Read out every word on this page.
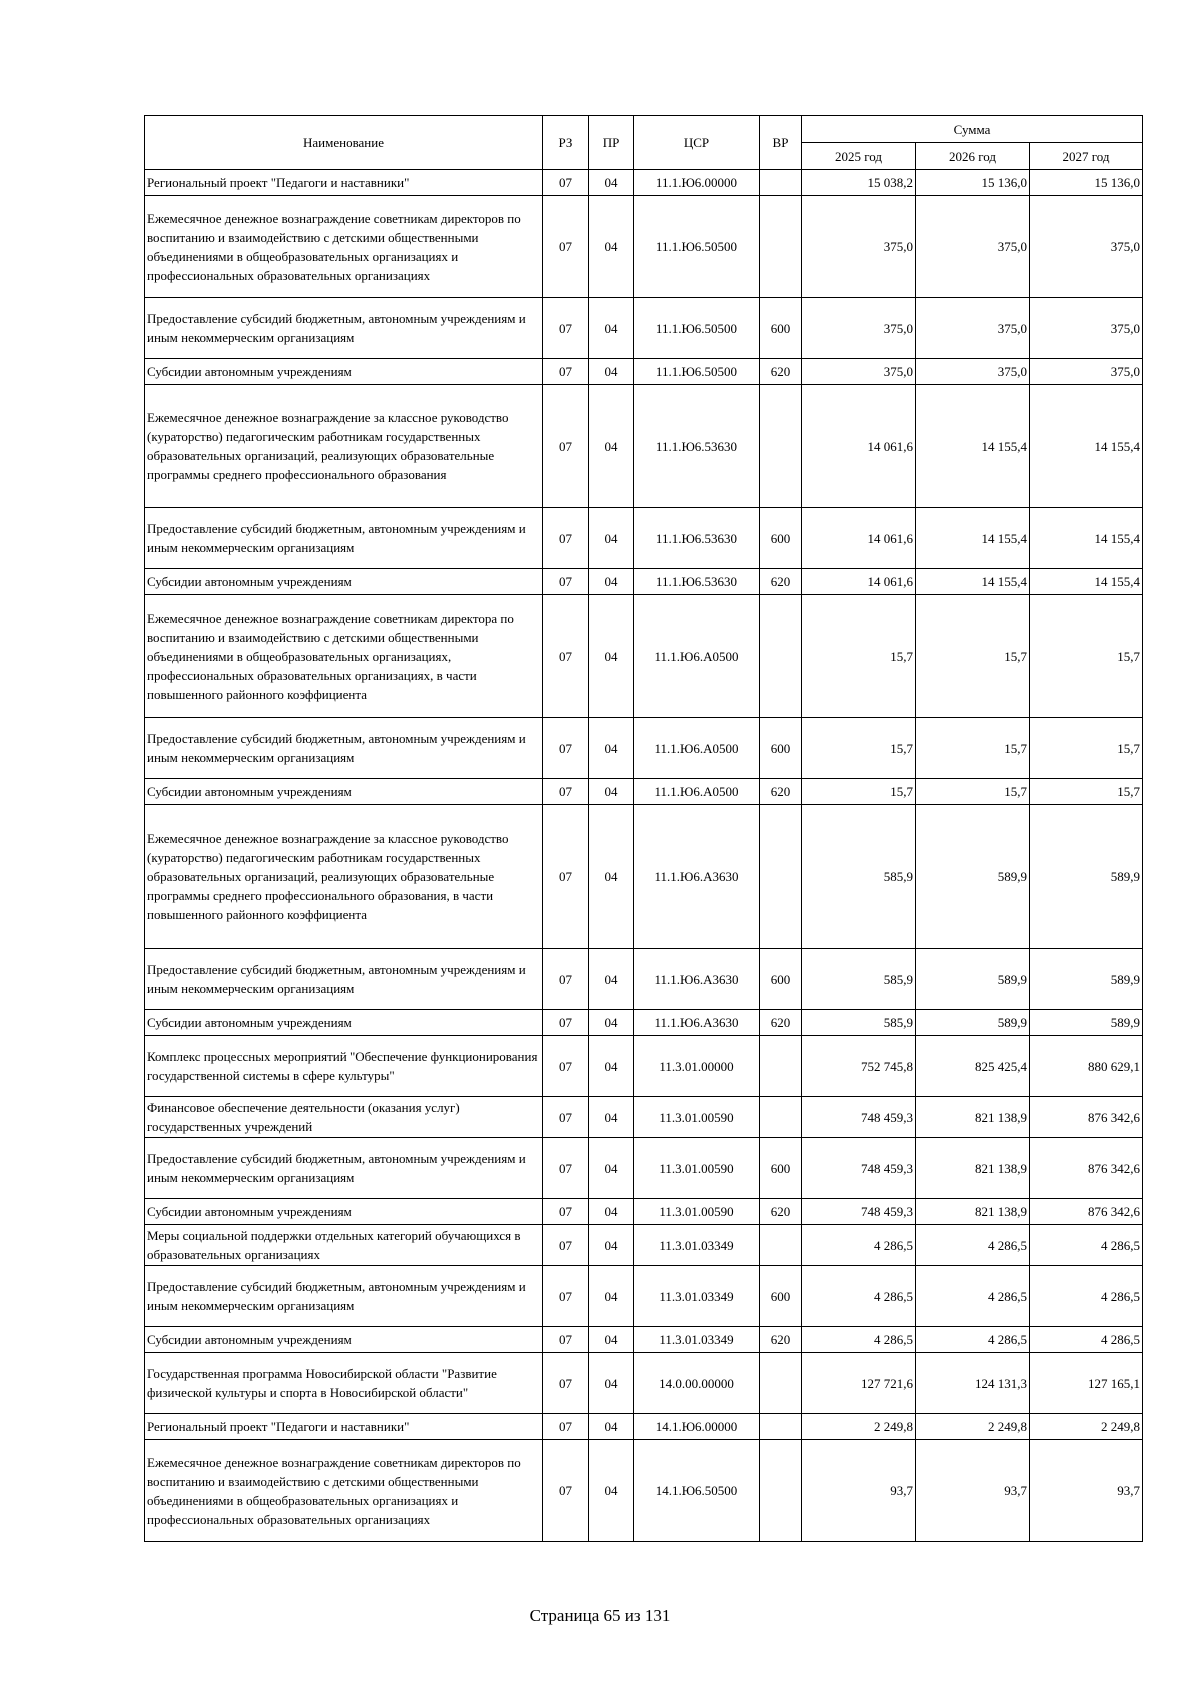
Наименование	РЗ	ПР	ЦСР	ВР	Сумма		
					2025 год	2026 год	2027 год
Региональный проект "Педагоги и наставники"	07	04	11.1.Ю6.00000		15 038,2	15 136,0	15 136,0
Ежемесячное денежное вознаграждение советникам директоров по воспитанию и взаимодействию с детскими общественными объединениями в общеобразовательных организациях и профессиональных образовательных организациях	07	04	11.1.Ю6.50500		375,0	375,0	375,0
Предоставление субсидий бюджетным, автономным учреждениям и иным некоммерческим организациям	07	04	11.1.Ю6.50500	600	375,0	375,0	375,0
Субсидии автономным учреждениям	07	04	11.1.Ю6.50500	620	375,0	375,0	375,0
Ежемесячное денежное вознаграждение за классное руководство (кураторство) педагогическим работникам государственных образовательных организаций, реализующих образовательные программы среднего профессионального образования	07	04	11.1.Ю6.53630		14 061,6	14 155,4	14 155,4
Предоставление субсидий бюджетным, автономным учреждениям и иным некоммерческим организациям	07	04	11.1.Ю6.53630	600	14 061,6	14 155,4	14 155,4
Субсидии автономным учреждениям	07	04	11.1.Ю6.53630	620	14 061,6	14 155,4	14 155,4
Ежемесячное денежное вознаграждение советникам директора по воспитанию и взаимодействию с детскими общественными объединениями в общеобразовательных организациях, профессиональных образовательных организациях, в части повышенного районного коэффициента	07	04	11.1.Ю6.А0500		15,7	15,7	15,7
Предоставление субсидий бюджетным, автономным учреждениям и иным некоммерческим организациям	07	04	11.1.Ю6.А0500	600	15,7	15,7	15,7
Субсидии автономным учреждениям	07	04	11.1.Ю6.А0500	620	15,7	15,7	15,7
Ежемесячное денежное вознаграждение за классное руководство (кураторство) педагогическим работникам государственных образовательных организаций, реализующих образовательные программы среднего профессионального образования, в части повышенного районного коэффициента	07	04	11.1.Ю6.А3630		585,9	589,9	589,9
Предоставление субсидий бюджетным, автономным учреждениям и иным некоммерческим организациям	07	04	11.1.Ю6.А3630	600	585,9	589,9	589,9
Субсидии автономным учреждениям	07	04	11.1.Ю6.А3630	620	585,9	589,9	589,9
Комплекс процессных мероприятий "Обеспечение функционирования государственной системы в сфере культуры"	07	04	11.3.01.00000		752 745,8	825 425,4	880 629,1
Финансовое обеспечение деятельности (оказания услуг) государственных учреждений	07	04	11.3.01.00590		748 459,3	821 138,9	876 342,6
Предоставление субсидий бюджетным, автономным учреждениям и иным некоммерческим организациям	07	04	11.3.01.00590	600	748 459,3	821 138,9	876 342,6
Субсидии автономным учреждениям	07	04	11.3.01.00590	620	748 459,3	821 138,9	876 342,6
Меры социальной поддержки отдельных категорий обучающихся в образовательных организациях	07	04	11.3.01.03349		4 286,5	4 286,5	4 286,5
Предоставление субсидий бюджетным, автономным учреждениям и иным некоммерческим организациям	07	04	11.3.01.03349	600	4 286,5	4 286,5	4 286,5
Субсидии автономным учреждениям	07	04	11.3.01.03349	620	4 286,5	4 286,5	4 286,5
Государственная программа Новосибирской области "Развитие физической культуры и спорта в Новосибирской области"	07	04	14.0.00.00000		127 721,6	124 131,3	127 165,1
Региональный проект "Педагоги и наставники"	07	04	14.1.Ю6.00000		2 249,8	2 249,8	2 249,8
Ежемесячное денежное вознаграждение советникам директоров по воспитанию и взаимодействию с детскими общественными объединениями в общеобразовательных организациях и профессиональных образовательных организациях	07	04	14.1.Ю6.50500		93,7	93,7	93,7
Страница 65 из 131
